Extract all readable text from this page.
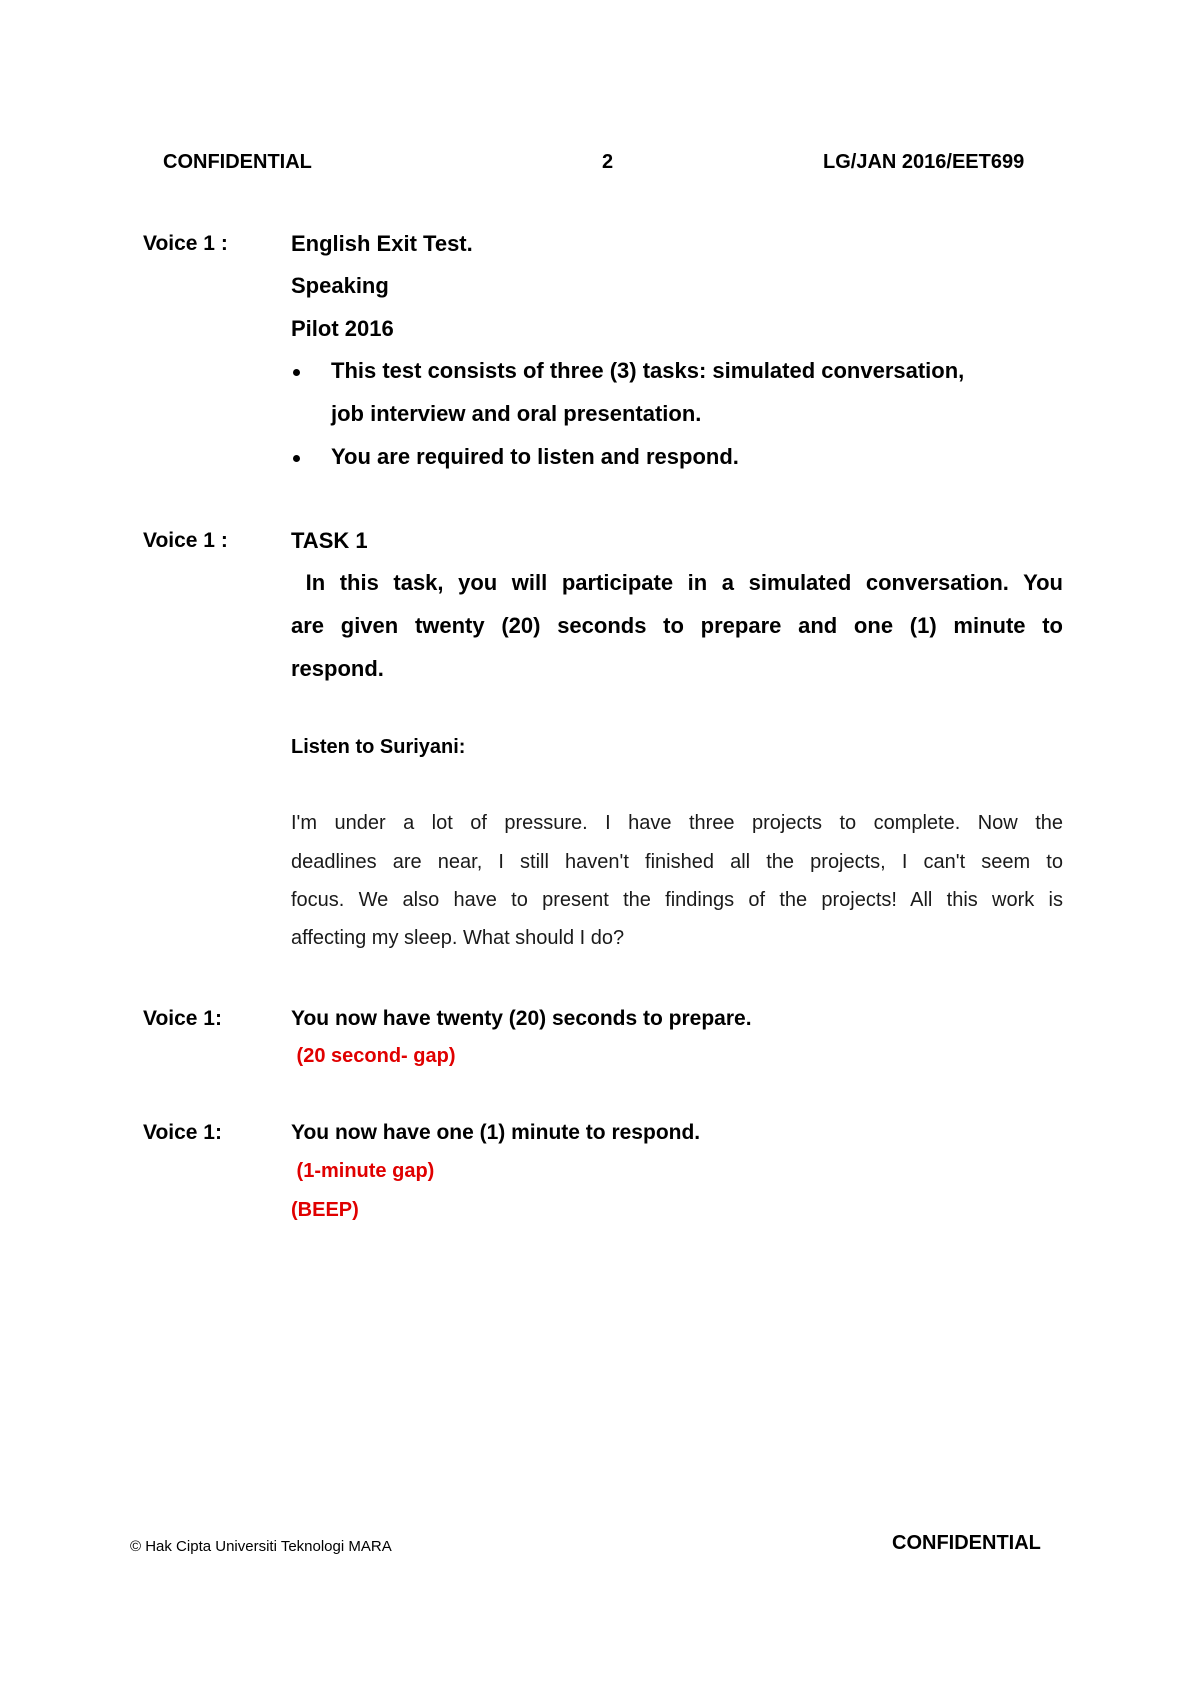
CONFIDENTIAL	2	LG/JAN 2016/EET699
Voice 1 :	English Exit Test.
Speaking
Pilot 2016
This test consists of three (3) tasks: simulated conversation,
job interview and oral presentation.
You are required to listen and respond.
Voice 1 :	TASK 1
In this task, you will participate in a simulated conversation. You
are given twenty (20) seconds to prepare and one (1) minute to
respond.
Listen to Suriyani:
I'm under a lot of pressure. I have three projects to complete. Now the
deadlines are near, I still haven't finished all the projects, I can't seem to
focus. We also have to present the findings of the projects! All this work is
affecting my sleep. What should I do?
Voice 1:	You now have twenty (20) seconds to prepare.
(20 second- gap)
Voice 1:	You now have one (1) minute to respond.
(1-minute gap)
(BEEP)
© Hak Cipta Universiti Teknologi MARA	CONFIDENTIAL
